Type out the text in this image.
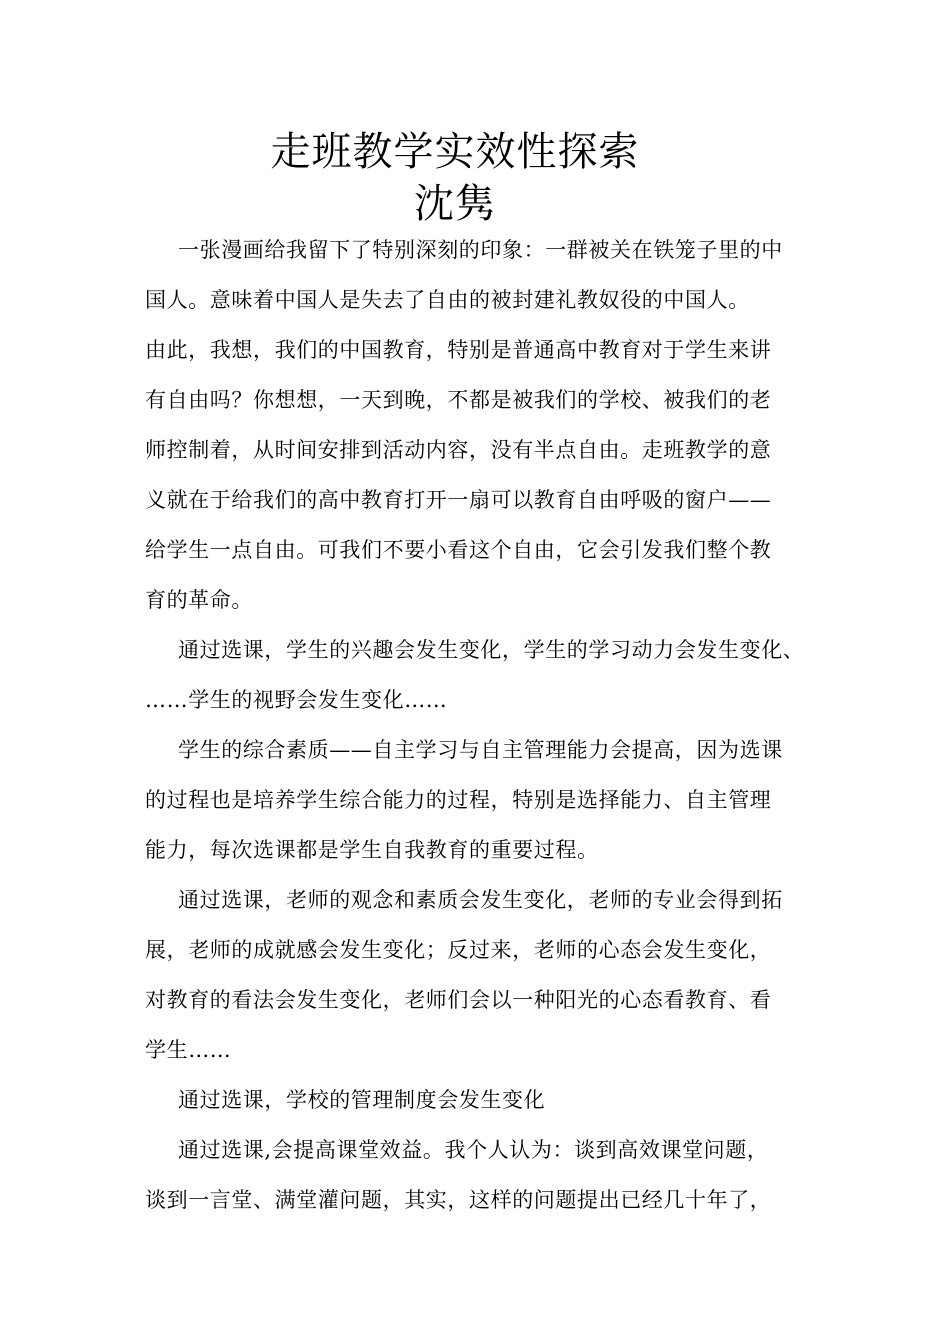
走班教学实效性探索
沈隽
一张漫画给我留下了特别深刻的印象：一群被关在铁笼子里的中
国人。意味着中国人是失去了自由的被封建礼教奴役的中国人。
由此，我想，我们的中国教育，特别是普通高中教育对于学生来讲
有自由吗？你想想，一天到晚，不都是被我们的学校、被我们的老
师控制着，从时间安排到活动内容，没有半点自由。走班教学的意
义就在于给我们的高中教育打开一扇可以教育自由呼吸的窗户——
给学生一点自由。可我们不要小看这个自由，它会引发我们整个教
育的革命。
通过选课，学生的兴趣会发生变化，学生的学习动力会发生变化、
……学生的视野会发生变化……
学生的综合素质——自主学习与自主管理能力会提高，因为选课
的过程也是培养学生综合能力的过程，特别是选择能力、自主管理
能力，每次选课都是学生自我教育的重要过程。
通过选课，老师的观念和素质会发生变化，老师的专业会得到拓
展，老师的成就感会发生变化；反过来，老师的心态会发生变化，
对教育的看法会发生变化，老师们会以一种阳光的心态看教育、看
学生……
通过选课，学校的管理制度会发生变化
通过选课,会提高课堂效益。我个人认为：谈到高效课堂问题，
谈到一言堂、满堂灌问题，其实，这样的问题提出已经几十年了，
